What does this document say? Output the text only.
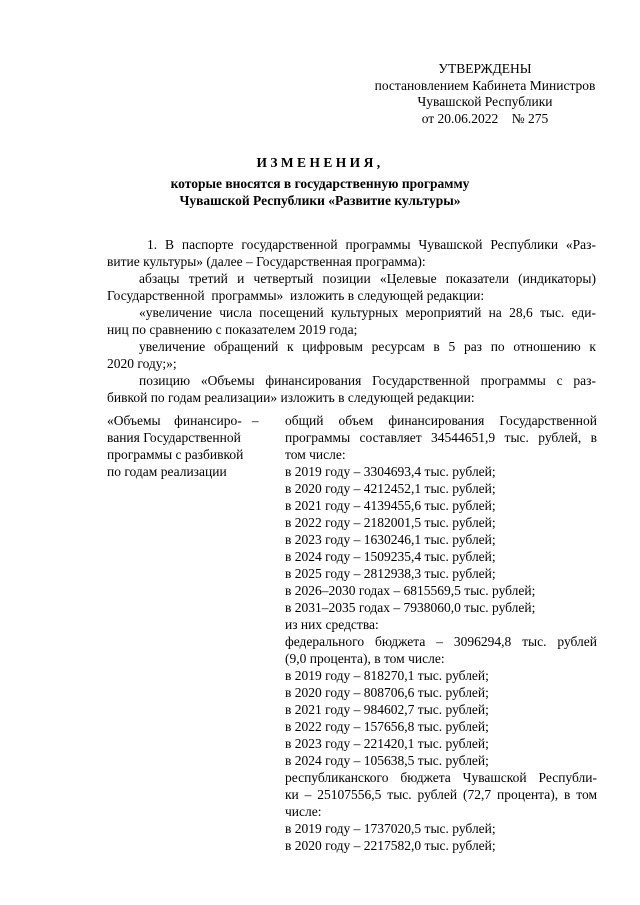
УТВЕРЖДЕНЫ
постановлением Кабинета Министров
Чувашской Республики
от 20.06.2022    № 275
ИЗМЕНЕНИЯ,
которые вносятся в государственную программу
Чувашской Республики «Развитие культуры»
1. В паспорте государственной программы Чувашской Республики «Раз-
витие культуры» (далее – Государственная программа):
абзацы третий и четвертый позиции «Целевые показатели (индикаторы)
Государственной  программы»  изложить в следующей редакции:
«увеличение числа посещений культурных мероприятий на 28,6 тыс. еди-
ниц по сравнению с показателем 2019 года;
увеличение обращений к цифровым ресурсам в 5 раз по отношению к
2020 году;»;
позицию «Объемы финансирования Государственной программы с раз-
бивкой по годам реализации» изложить в следующей редакции:
«Объемы    финансиро-   –
вания Государственной
программы с разбивкой
по годам реализации
общий объем финансирования Государственной
программы составляет 34544651,9 тыс. рублей, в
том числе:
в 2019 году – 3304693,4 тыс. рублей;
в 2020 году – 4212452,1 тыс. рублей;
в 2021 году – 4139455,6 тыс. рублей;
в 2022 году – 2182001,5 тыс. рублей;
в 2023 году – 1630246,1 тыс. рублей;
в 2024 году – 1509235,4 тыс. рублей;
в 2025 году – 2812938,3 тыс. рублей;
в 2026–2030 годах – 6815569,5 тыс. рублей;
в 2031–2035 годах – 7938060,0 тыс. рублей;
из них средства:
федерального бюджета – 3096294,8 тыс. рублей
(9,0 процента), в том числе:
в 2019 году – 818270,1 тыс. рублей;
в 2020 году – 808706,6 тыс. рублей;
в 2021 году – 984602,7 тыс. рублей;
в 2022 году – 157656,8 тыс. рублей;
в 2023 году – 221420,1 тыс. рублей;
в 2024 году – 105638,5 тыс. рублей;
республиканского бюджета Чувашской Республи-
ки – 25107556,5 тыс. рублей (72,7 процента), в том
числе:
в 2019 году – 1737020,5 тыс. рублей;
в 2020 году – 2217582,0 тыс. рублей;
